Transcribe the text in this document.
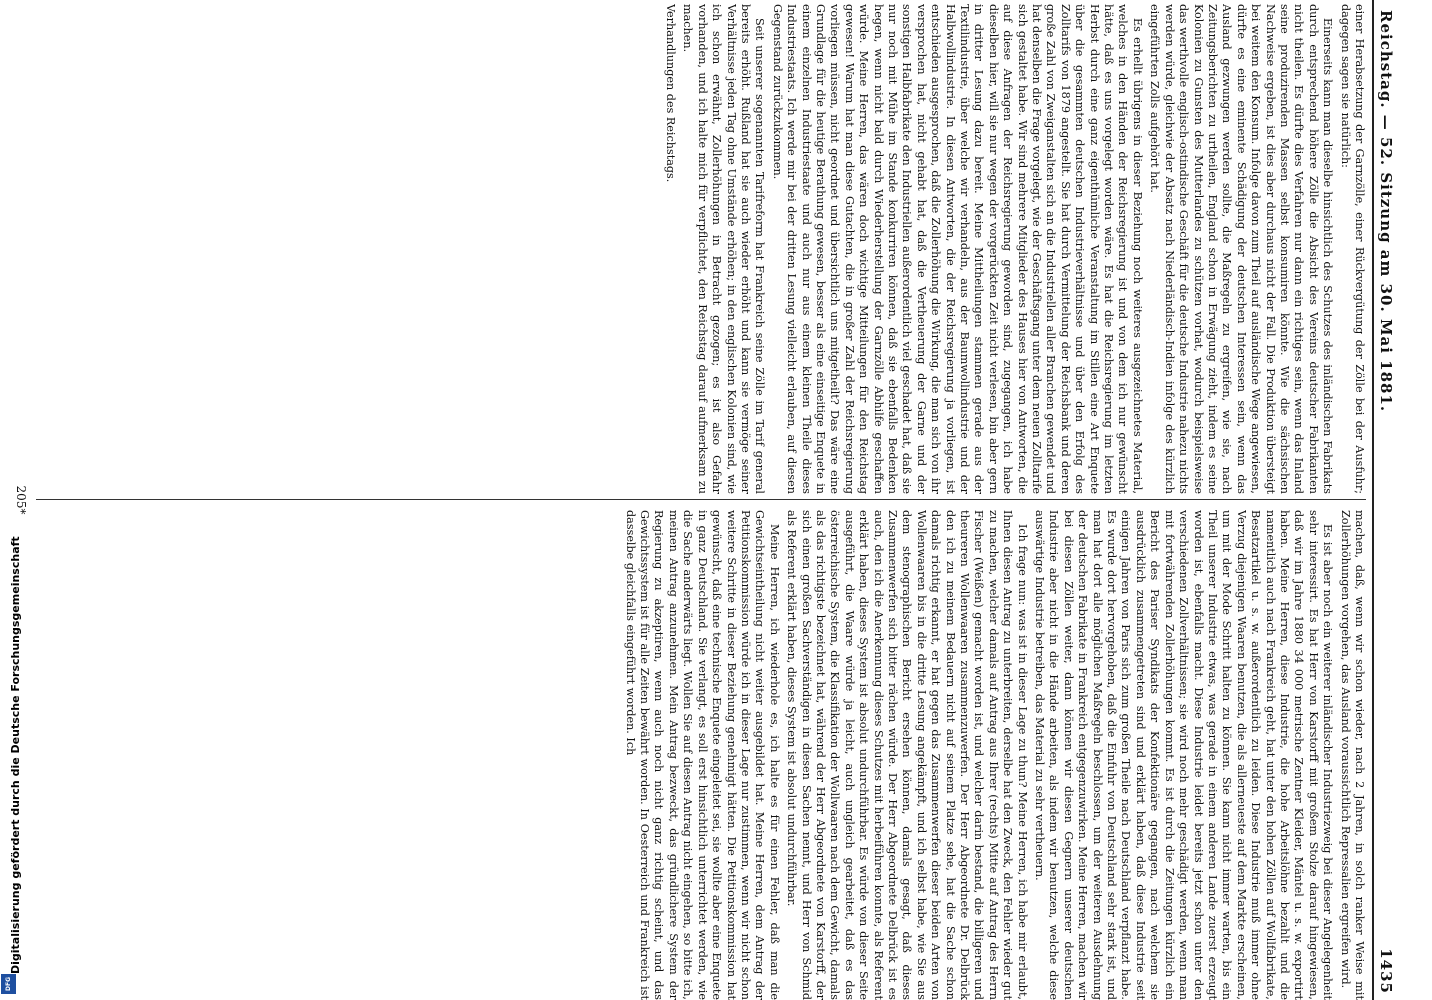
Digitalisierung gefördert durch die Deutsche Forschungsgemeinschaft
DFG
Reichstag. — 52. Sitzung am 30. Mai 1881.
1435

einer Herabsetzung der Garnzölle, einer Rückvergütung der Zölle bei der Ausfuhr; dagegen sagen sie natürlich:

Einerseits kann man dieselbe hinsichtlich des Schutzes des inländischen Fabrikats durch entsprechend höhere Zölle die Absicht des Vereins deutscher Fabrikanten nicht theilen. Es dürfte dies Verfahren nur dann ein richtiges sein, wenn das Inland seine produzirenden Massen selbst konsumiren könnte. Wie die sächsischen Nachweise ergeben, ist dies aber durchaus nicht der Fall. Die Produktion übersteigt bei weitem den Konsum. Infolge davon zum Theil auf ausländische Wege angewiesen, dürfte es eine eminente Schädigung der deutschen Interessen sein, wenn das Ausland gezwungen werden sollte, die Maßregeln zu ergreifen, wie sie, nach Zeitungsberichten zu urtheilen, England schon in Erwägung zieht, indem es seine Kolonien zu Gunsten des Mutterlandes zu schützen vorhat, wodurch beispielsweise das werthvolle englisch-ostindische Geschäft für die deutsche Industrie nahezu nichts werden würde, gleichwie der Absatz nach Niederländisch-Indien infolge des kürzlich eingeführten Zolls aufgehört hat.

Es erhellt übrigens in dieser Beziehung noch weiteres ausgezeichnetes Material, welches in den Händen der Reichsregierung ist und von dem ich nur gewünscht hätte, daß es uns vorgelegt worden wäre. Es hat die Reichsregierung im letzten Herbst durch eine ganz eigenthümliche Veranstaltung im Stillen eine Art Enquete über die gesammten deutschen Industrieverhältnisse und über den Erfolg des Zolltarifs von 1879 angestellt. Sie hat durch Vermittelung der Reichsbank und deren große Zahl von Zweiganstalten sich an die Industriellen aller Branchen gewendet und hat denselben die Frage vorgelegt, wie der Geschäftsgang unter dem neuen Zolltarife sich gestaltet habe. Wir sind mehrere Mitglieder des Hauses hier von Antworten, die auf diese Anfragen der Reichsregierung geworden sind, zugegangen, ich habe dieselben hier, will sie nur wegen der vorgerückten Zeit nicht verlesen, bin aber gern in dritter Lesung dazu bereit. Meine Mittheilungen stammen gerade aus der Textilindustrie, über welche wir verhandeln, aus der Baumwollindustrie und der Halbwollindustrie. In diesen Antworten, die der Reichsregierung ja vorliegen, ist entschieden ausgesprochen, daß die Zollerhöhung die Wirkung, die man sich von ihr versprochen hat, nicht gehabt hat, daß die Vertheuerung der Garne und der sonstigen Halbfabrikate den Industriellen außerordentlich viel geschadet hat, daß sie nur noch mit Mühe im Stande konkurriren können, daß sie ebenfalls Bedenken hegen, wenn nicht bald durch Wiederherstellung der Garnzölle Abhilfe geschaffen würde. Meine Herren, das wären doch wichtige Mitteilungen für den Reichstag gewesen! Warum hat man diese Gutachten, die in großer Zahl der Reichsregierung vorliegen müssen, nicht geordnet und übersichtlich uns mitgetheilt? Das wäre eine Grundlage für die heutige Berathung gewesen, besser als eine einseitige Enquete in einem einzelnen Industriestaate und auch nur aus einem kleinen Theile dieses Industriestaats. Ich werde mir bei der dritten Lesung vielleicht erlauben, auf diesen Gegenstand zurückzukommen.

Seit unserer sogenannten Tarifreform hat Frankreich seine Zölle im Tarif general bereits erhöht. Rußland hat sie auch wieder erhöht und kann sie vermöge seiner Verhältnisse jeden Tag ohne Umstände erhöhen; in den englischen Kolonien sind, wie ich schon erwähnt, Zollerhöhungen in Betracht gezogen; es ist also Gefahr vorhanden, und ich halte mich für verpflichtet, den Reichstag darauf aufmerksam zu machen.

Verhandlungen des Reichstags.

machen, daß, wenn wir schon wieder, nach 2 Jahren, in solch ranker Weise mit Zollerhöhungen vorgehen, das Ausland voraussichtlich Repressalien ergreifen wird.

Es ist aber noch ein weiterer inländischer Industriezweig bei dieser Angelegenheit sehr interessirt. Es hat Herr von Karstorff mit großem Stolze darauf hingewiesen, daß wir im Jahre 1880 34 000 metrische Zentner Kleider, Mäntel u. s. w. exportirt haben. Meine Herren, diese Industrie, die hohe Arbeitslöhne bezahlt und die namentlich auch nach Frankreich geht, hat unter den hohen Zöllen auf Wollfabrikate, Besatzartikel u. s. w. außerordentlich zu leiden. Diese Industrie muß immer ohne Verzug diejenigen Waaren benutzen, die als allerneueste auf dem Markte erscheinen, um mit der Mode Schritt halten zu können. Sie kann nicht immer warten, bis ein Theil unserer Industrie etwas, was gerade in einem anderen Lande zuerst erzeugt worden ist, ebenfalls macht. Diese Industrie leidet bereits jetzt schon unter den verschiedenen Zollverhältnissen; sie wird noch mehr geschädigt werden, wenn man mit fortwährenden Zollerhöhungen kommt. Es ist durch die Zeitungen kürzlich ein Bericht des Pariser Syndikats der Konfektionäre gegangen, nach welchem sie ausdrücklich zusammengetreten sind und erklärt haben, daß diese Industrie seit einigen Jahren von Paris sich zum großen Theile nach Deutschland verpflanzt habe. Es wurde dort hervorgehoben, daß die Einfuhr von Deutschland sehr stark ist, und man hat dort alle möglichen Maßregeln beschlossen, um der weiteren Ausdehnung der deutschen Fabrikate in Frankreich entgegenzuwirken. Meine Herren, machen wir bei diesen Zöllen weiter, dann können wir diesen Gegnern unserer deutschen Industrie aber nicht in die Hände arbeiten, als indem wir benutzen, welche diese auswärtige Industrie betreiben, das Material zu sehr vertheuern.

Ich frage nun: was ist in dieser Lage zu thun? Meine Herren, ich habe mir erlaubt, Ihnen diesen Antrag zu unterbreiten, derselbe hat den Zweck, den Fehler wieder gut zu machen, welcher damals auf Antrag aus Ihrer (rechts) Mitte auf Antrag des Herrn Fischer (Weißen) gemacht worden ist, und welcher darin bestand, die billigeren und theureren Wollenwaaren zusammenzuwerfen. Der Herr Abgeordnete Dr. Delbrück den ich zu meinem Bedauern nicht auf seinem Platze sehe, hat die Sache schon damals richtig erkannt, er hat gegen das Zusammenwerfen dieser beiden Arten von Wollenwaaren bis in die dritte Lesung angekämpft, und ich selbst habe, wie Sie aus dem stenographischen Bericht ersehen können, damals gesagt, daß dieses Zusammenwerfen sich bitter rächen würde. Der Herr Abgeordnete Delbrück ist es auch, den ich die Anerkennung dieses Schutzes mit herbeiführen konnte, als Referent erklärt haben, dieses System ist absolut undurchführbar. Es würde von dieser Seite ausgeführt, die Waare würde ja leicht, auch ungleich gearbeitet, daß es das österreichische System, die Klassifikation der Wollwaaren nach dem Gewicht, damals als das richtigste bezeichnet hat, während der Herr Abgeordnete von Karstorff, der sich einen großen Sachverständigen in diesen Sachen nennt, und Herr von Schmid als Referent erklärt haben, dieses System ist absolut undurchführbar.

Meine Herren, ich wiederhole es, ich halte es für einen Fehler, daß man die Gewichtseintheilung nicht weiter ausgebildet hat. Meine Herren, dem Antrag der Petitionskommission würde ich in dieser Lage nur zustimmen, wenn wir nicht schon weitere Schritte in dieser Beziehung genehmigt hätten. Die Petitionskommission hat gewünscht, daß eine technische Enquete eingeleitet sei, sie wollte aber eine Enquete in ganz Deutschland. Sie verlangt, es soll erst hinsichtlich unterrichtet werden, wie die Sache anderwärts liegt. Wollen Sie auf diesen Antrag nicht eingehen, so bitte ich, meinen Antrag anzunehmen. Mein Antrag bezweckt, das gründlichere System der Regierung zu akzeptiren, wenn auch noch nicht ganz richtig scheint, und das Gewichtssystem ist für alle Zeiten bewährt worden. In Oesterreich und Frankreich ist dasselbe gleichfalls eingeführt worden. Ich

205*
